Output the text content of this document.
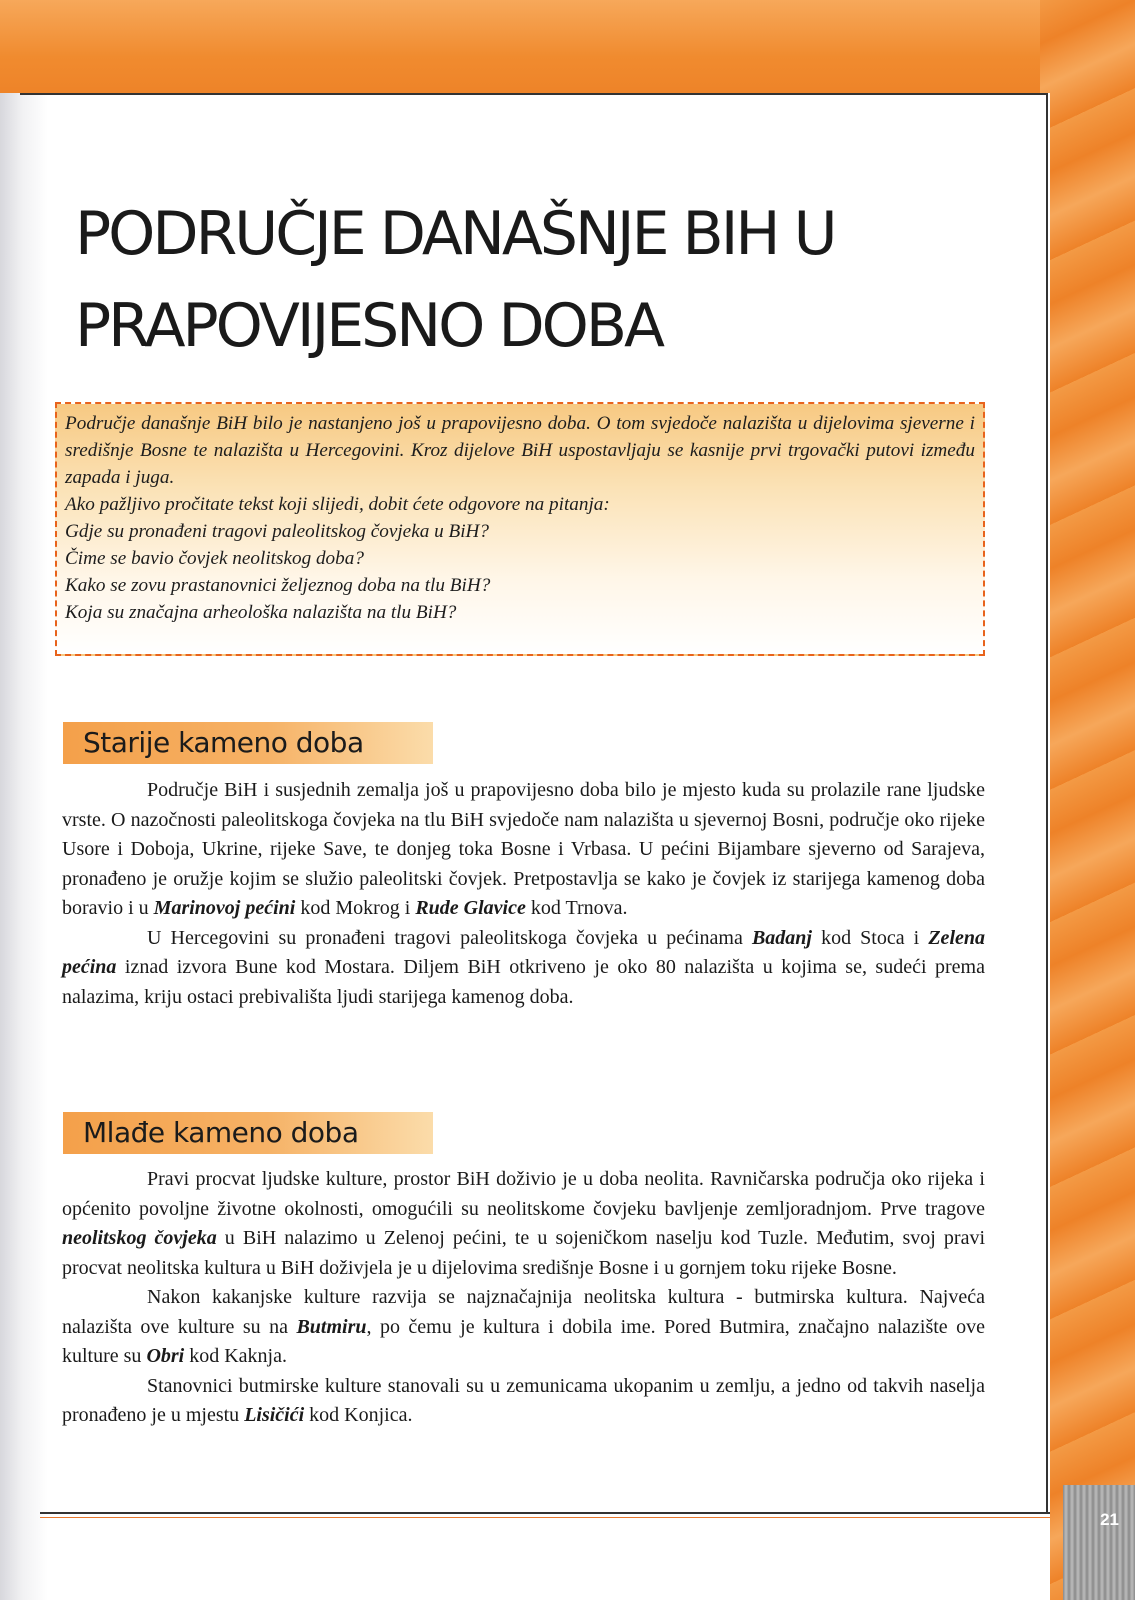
21
PODRUČJE DANAŠNJE BIH U
PRAPOVIJESNO DOBA

Područje današnje BiH bilo je nastanjeno još u prapovijesno doba. O tom svjedoče nalazišta u dijelovima sjeverne i središnje Bosne te nalazišta u Hercegovini. Kroz dijelove BiH uspostavljaju se kasnije prvi trgovački putovi između zapada i juga.

Ako pažljivo pročitate tekst koji slijedi, dobit ćete odgovore na pitanja:

Gdje su pronađeni tragovi paleolitskog čovjeka u BiH?

Čime se bavio čovjek neolitskog doba?

Kako se zovu prastanovnici željeznog doba na tlu BiH?

Koja su značajna arheološka nalazišta na tlu BiH?

Starije kameno doba

Područje BiH i susjednih zemalja još u prapovijesno doba bilo je mjesto kuda su prolazile rane ljudske vrste. O nazočnosti paleolitskoga čovjeka na tlu BiH svjedoče nam nalazišta u sjevernoj Bosni, područje oko rijeke Usore i Doboja, Ukrine, rijeke Save, te donjeg toka Bosne i Vrbasa. U pećini Bijambare sjeverno od Sarajeva, pronađeno je oružje kojim se služio paleolitski čovjek. Pretpostavlja se kako je čovjek iz starijega kamenog doba boravio i u Marinovoj pećini kod Mokrog i Rude Glavice kod Trnova.

U Hercegovini su pronađeni tragovi paleolitskoga čovjeka u pećinama Badanj kod Stoca i Zelena pećina iznad izvora Bune kod Mostara. Diljem BiH otkriveno je oko 80 nalazišta u kojima se, sudeći prema nalazima, kriju ostaci prebivališta ljudi starijega kamenog doba.

Mlađe kameno doba

Pravi procvat ljudske kulture, prostor BiH doživio je u doba neolita. Ravničarska područja oko rijeka i općenito povoljne životne okolnosti, omogućili su neolitskome čovjeku bavljenje zemljoradnjom. Prve tragove neolitskog čovjeka u BiH nalazimo u Zelenoj pećini, te u sojeničkom naselju kod Tuzle. Međutim, svoj pravi procvat neolitska kultura u BiH doživjela je u dijelovima središnje Bosne i u gornjem toku rijeke Bosne.

Nakon kakanjske kulture razvija se najznačajnija neolitska kultura - butmirska kultura. Najveća nalazišta ove kulture su na Butmiru, po čemu je kultura i dobila ime. Pored Butmira, značajno nalazište ove kulture su Obri kod Kaknja.

Stanovnici butmirske kulture stanovali su u zemunicama ukopanim u zemlju, a jedno od takvih naselja pronađeno je u mjestu Lisičići kod Konjica.
